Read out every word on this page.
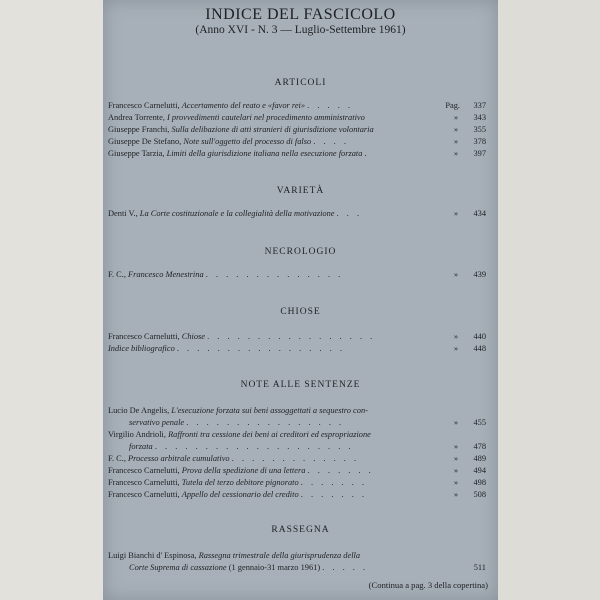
INDICE DEL FASCICOLO
(Anno XVI - N. 3 — Luglio-Settembre 1961)
ARTICOLI
Francesco Carnelutti, Accertamento del reato e «favor rei» . . . . .	Pag. 337
Andrea Torrente, I provvedimenti cautelari nel procedimento amministrativo	» 343
Giuseppe Franchi, Sulla delibazione di atti stranieri di giurisdizione volontaria	» 355
Giuseppe De Stefano, Note sull'oggetto del processo di falso . . . .	» 378
Giuseppe Tarzia, Limiti della giurisdizione italiana nella esecuzione forzata .	» 397
VARIETÀ
Denti V., La Corte costituzionale e la collegialità della motivazione . . .	» 434
NECROLOGIO
F. C., Francesco Menestrina . . . . . . . . . . . . . .	» 439
CHIOSE
Francesco Carnelutti, Chiose . . . . . . . . . . . . . . . . .	» 440
Indice bibliografico . . . . . . . . . . . . . . . . .	» 448
NOTE ALLE SENTENZE
Lucio De Angelis, L'esecuzione forzata sui beni assoggettati a sequestro con-
servativo penale . . . . . . . . . . . . . . . .	» 455
Virgilio Andrioli, Raffronti tra cessione dei beni ai creditori ed espropriazione
forzata . . . . . . . . . . . . . . . . . . . .	» 478
F. C., Processo arbitrale cumulativo . . . . . . . . . . . . .	» 489
Francesco Carnelutti, Prova della spedizione di una lettera . . . . . . .	» 494
Francesco Carnelutti, Tutela del terzo debitore pignorato . . . . . . .	» 498
Francesco Carnelutti, Appello del cessionario del credito . . . . . . .	» 508
RASSEGNA
Luigi Bianchi d' Espinosa, Rassegna trimestrale della giurisprudenza della
Corte Suprema di cassazione (1 gennaio-31 marzo 1961) . . . . .	511
(Continua a pag. 3 della copertina)
